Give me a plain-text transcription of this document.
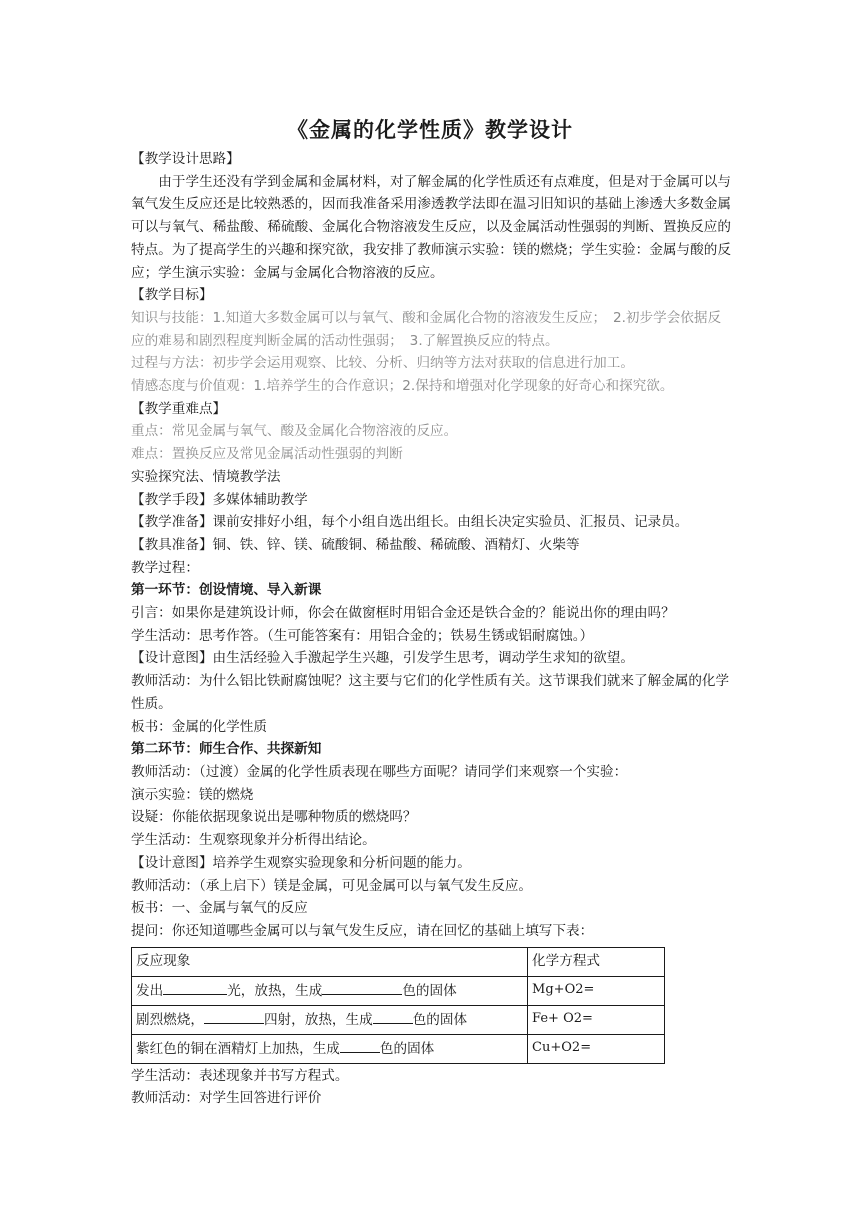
《金属的化学性质》教学设计

【教学设计思路】

由于学生还没有学到金属和金属材料，对了解金属的化学性质还有点难度，但是对于金属可以与氧气发生反应还是比较熟悉的，因而我准备采用渗透教学法即在温习旧知识的基础上渗透大多数金属可以与氧气、稀盐酸、稀硫酸、金属化合物溶液发生反应，以及金属活动性强弱的判断、置换反应的特点。为了提高学生的兴趣和探究欲，我安排了教师演示实验：镁的燃烧；学生实验：金属与酸的反应；学生演示实验：金属与金属化合物溶液的反应。

【教学目标】

知识与技能：1.知道大多数金属可以与氧气、酸和金属化合物的溶液发生反应；　2.初步学会依据反应的难易和剧烈程度判断金属的活动性强弱；　3.了解置换反应的特点。

过程与方法：初步学会运用观察、比较、分析、归纳等方法对获取的信息进行加工。

情感态度与价值观：1.培养学生的合作意识；2.保持和增强对化学现象的好奇心和探究欲。

【教学重难点】

重点：常见金属与氧气、酸及金属化合物溶液的反应。

难点：置换反应及常见金属活动性强弱的判断

实验探究法、情境教学法

【教学手段】多媒体辅助教学

【教学准备】课前安排好小组，每个小组自选出组长。由组长决定实验员、汇报员、记录员。

【教具准备】铜、铁、锌、镁、硫酸铜、稀盐酸、稀硫酸、酒精灯、火柴等

教学过程：

第一环节：创设情境、导入新课

引言：如果你是建筑设计师，你会在做窗框时用铝合金还是铁合金的？能说出你的理由吗？

学生活动：思考作答。（生可能答案有：用铝合金的；铁易生锈或铝耐腐蚀。）

【设计意图】由生活经验入手激起学生兴趣，引发学生思考，调动学生求知的欲望。

教师活动：为什么铝比铁耐腐蚀呢？这主要与它们的化学性质有关。这节课我们就来了解金属的化学性质。

板书：金属的化学性质

第二环节：师生合作、共探新知

教师活动：（过渡）金属的化学性质表现在哪些方面呢？请同学们来观察一个实验：

演示实验：镁的燃烧

设疑：你能依据现象说出是哪种物质的燃烧吗？

学生活动：生观察现象并分析得出结论。

【设计意图】培养学生观察实验现象和分析问题的能力。

教师活动：（承上启下）镁是金属，可见金属可以与氧气发生反应。

板书：一、金属与氧气的反应

提问：你还知道哪些金属可以与氧气发生反应，请在回忆的基础上填写下表：

反应现象	化学方程式
发出 光，放热，生成 色的固体	Mg+O2=
剧烈燃烧， 四射，放热，生成 色的固体	Fe+ O2=
紫红色的铜在酒精灯上加热，生成 色的固体	Cu+O2=

学生活动：表述现象并书写方程式。

教师活动：对学生回答进行评价
